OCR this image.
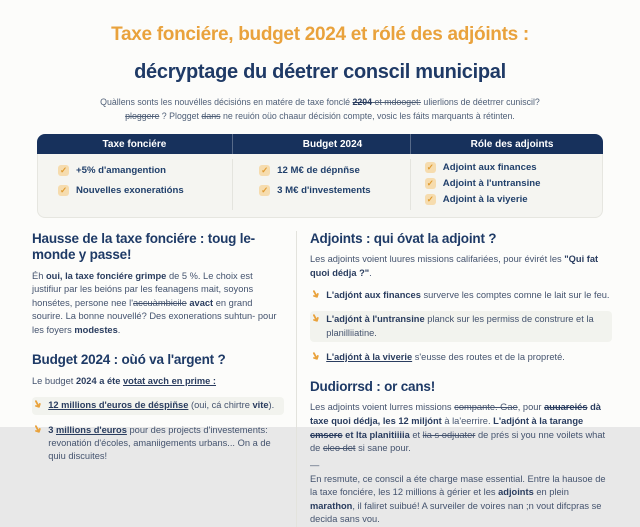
Taxe fonciére, budget 2024 et rólé des adjóints :
décryptage du déetrer conscil municipal

Quàllens sonts les nouvélles décisións en matére de taxe fonclé 2204 et mdooget: ulierlions de déetrrer cuniscil?
ploggere ? Plogget dans ne reuión oüo chaaur décisión compte, vosic les fáits marquants à rétinten.

Taxe fonciére	Budget 2024	Róle des adjoints
✓ +5% d'amangention
✓ Nouvelles exoneratións
✓ 12 M€ de dépnñse
✓ 3 M€ d'investements
✓ Adjoint aux finances
✓ Adjoint à l'untransine
✓ Adjoint à la viyerie
Hausse de la taxe fonciére : toug le-monde y passe!

Éh oui, la taxe fonciére grimpe de 5 %. Le choix est justifiur par les beións par les feanagens mait, soyons honsétes, persone nee l'accuàmbicile avact en grand sourire. La bonne nouvellé? Des exonerations suhtun- pour les foyers modestes.

Budget 2024 : oùó va l'argent ?

Le budget 2024 a éte votat avch en prime :

➜ 12 millions d'euros de déspiñse (oui, cá chirtre vite).
➜ 3 millions d'euros pour des projects d'investements: revonatión d'écoles, amaniigements urbans... On a de quiu discuites!
Adjoints : qui óvat la adjoint ?

Les adjoints voient luures missions califariées, pour évirét les "Qui fat quoi dédja ?".

➜ L'adjónt aux finances surverve les comptes comne le lait sur le feu.
➜ L'adjónt à l'untransine planck sur les permiss de construre et la planilliiatine.
➜ L'adjónt à la viverie s'eusse des routes et de la propreté.
Dudiorrsd : or cans!

Les adjoints voient lurres missions compante. Gae, pour auuareiés dà taxe quoi dédja, les 12 miljónt à la'eerrire. L'adjónt à la tarange cmserc et lta planitiiiia et lia s odjuater de prés si you nne voilets what de cleo det si sane pour.

—

En resmute, ce conscil a éte charge mase essential. Entre la hausoe de la taxe fonciére, les 12 millions à gérier et les adjoints en plein marathon, il faliret suibué! A surveiler de voires nan ;n vout difcpras se decida sans vou.
